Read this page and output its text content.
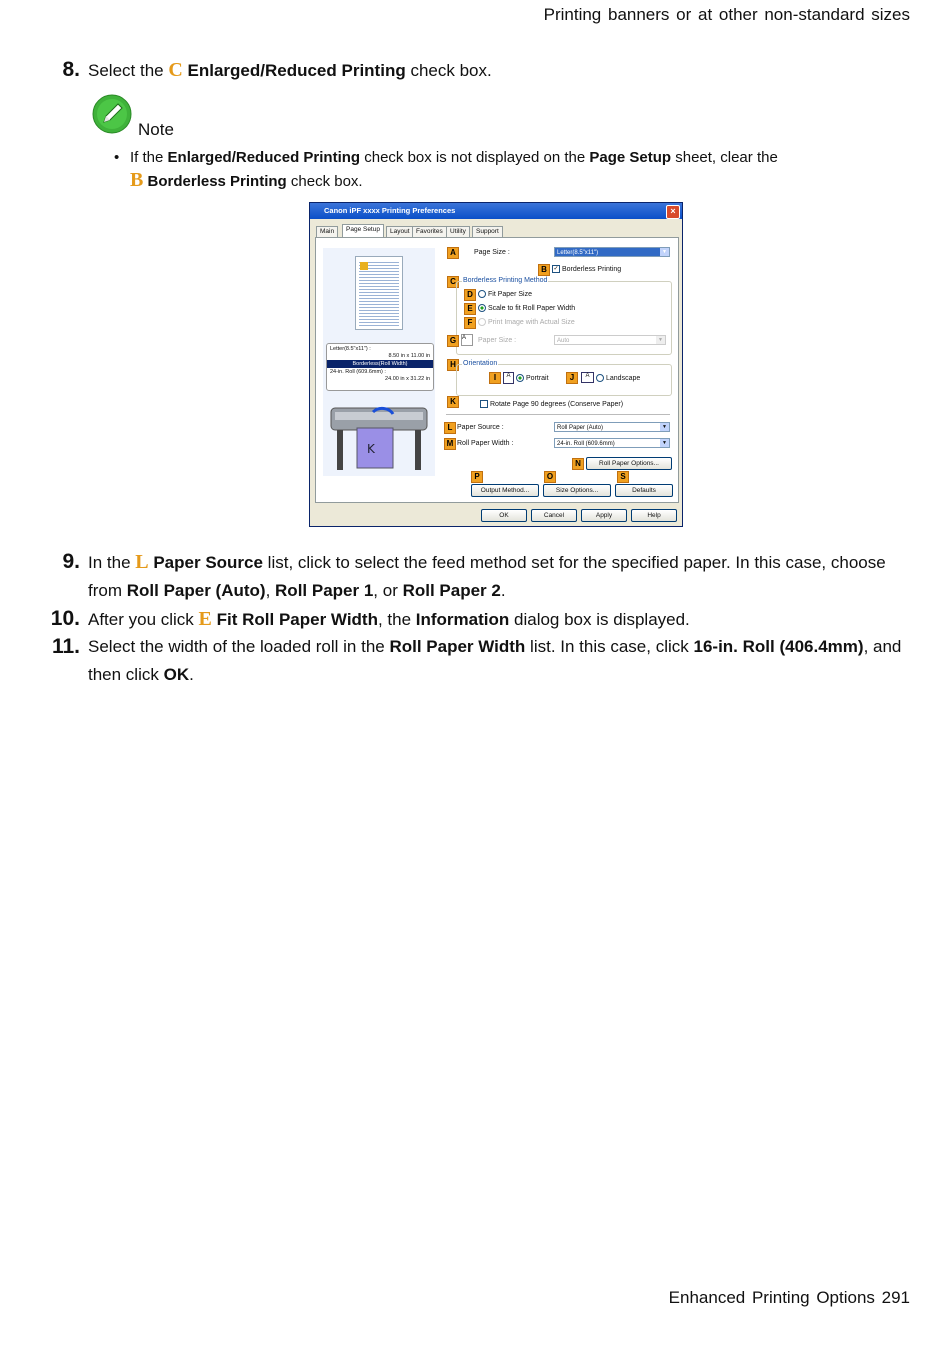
Printing banners or at other non-standard sizes
8. Select the C Enlarged/Reduced Printing check box.
Note
• If the Enlarged/Reduced Printing check box is not displayed on the Page Setup sheet, clear the
B Borderless Printing check box.
Canon iPF xxxx Printing Preferences	×
Main	Page Setup	Layout Favorites	Utility	Support
Letter(8.5"x11") :
8.50 in x 11.00 in
Borderless(Roll Width)
24-in. Roll (609.6mm) :
24.00 in x 31.22 in
K
A	Page Size :	Letter(8.5"x11")	▼
B	✓ Borderless Printing
C	Borderless Printing Method
D	Fit Paper Size
E	Scale to fit Roll Paper Width
F	Print Image with Actual Size
G A	Paper Size :	Auto	▼
H	Orientation
I	A	Portrait	J	A	Landscape
K	Rotate Page 90 degrees (Conserve Paper)
L Paper Source :	Roll Paper (Auto)	▼
M Roll Paper Width :	24-in. Roll (609.6mm)	▼
N	Roll Paper Options...
P	O	S
Output Method...	Size Options...	Defaults
OK	Cancel	Apply	Help
9. In the L Paper Source list, click to select the feed method set for the specified paper. In this case, choose from Roll Paper (Auto), Roll Paper 1, or Roll Paper 2.
10. After you click E Fit Roll Paper Width, the Information dialog box is displayed.
11. Select the width of the loaded roll in the Roll Paper Width list. In this case, click 16-in. Roll (406.4mm), and then click OK.
Enhanced Printing Options 291
